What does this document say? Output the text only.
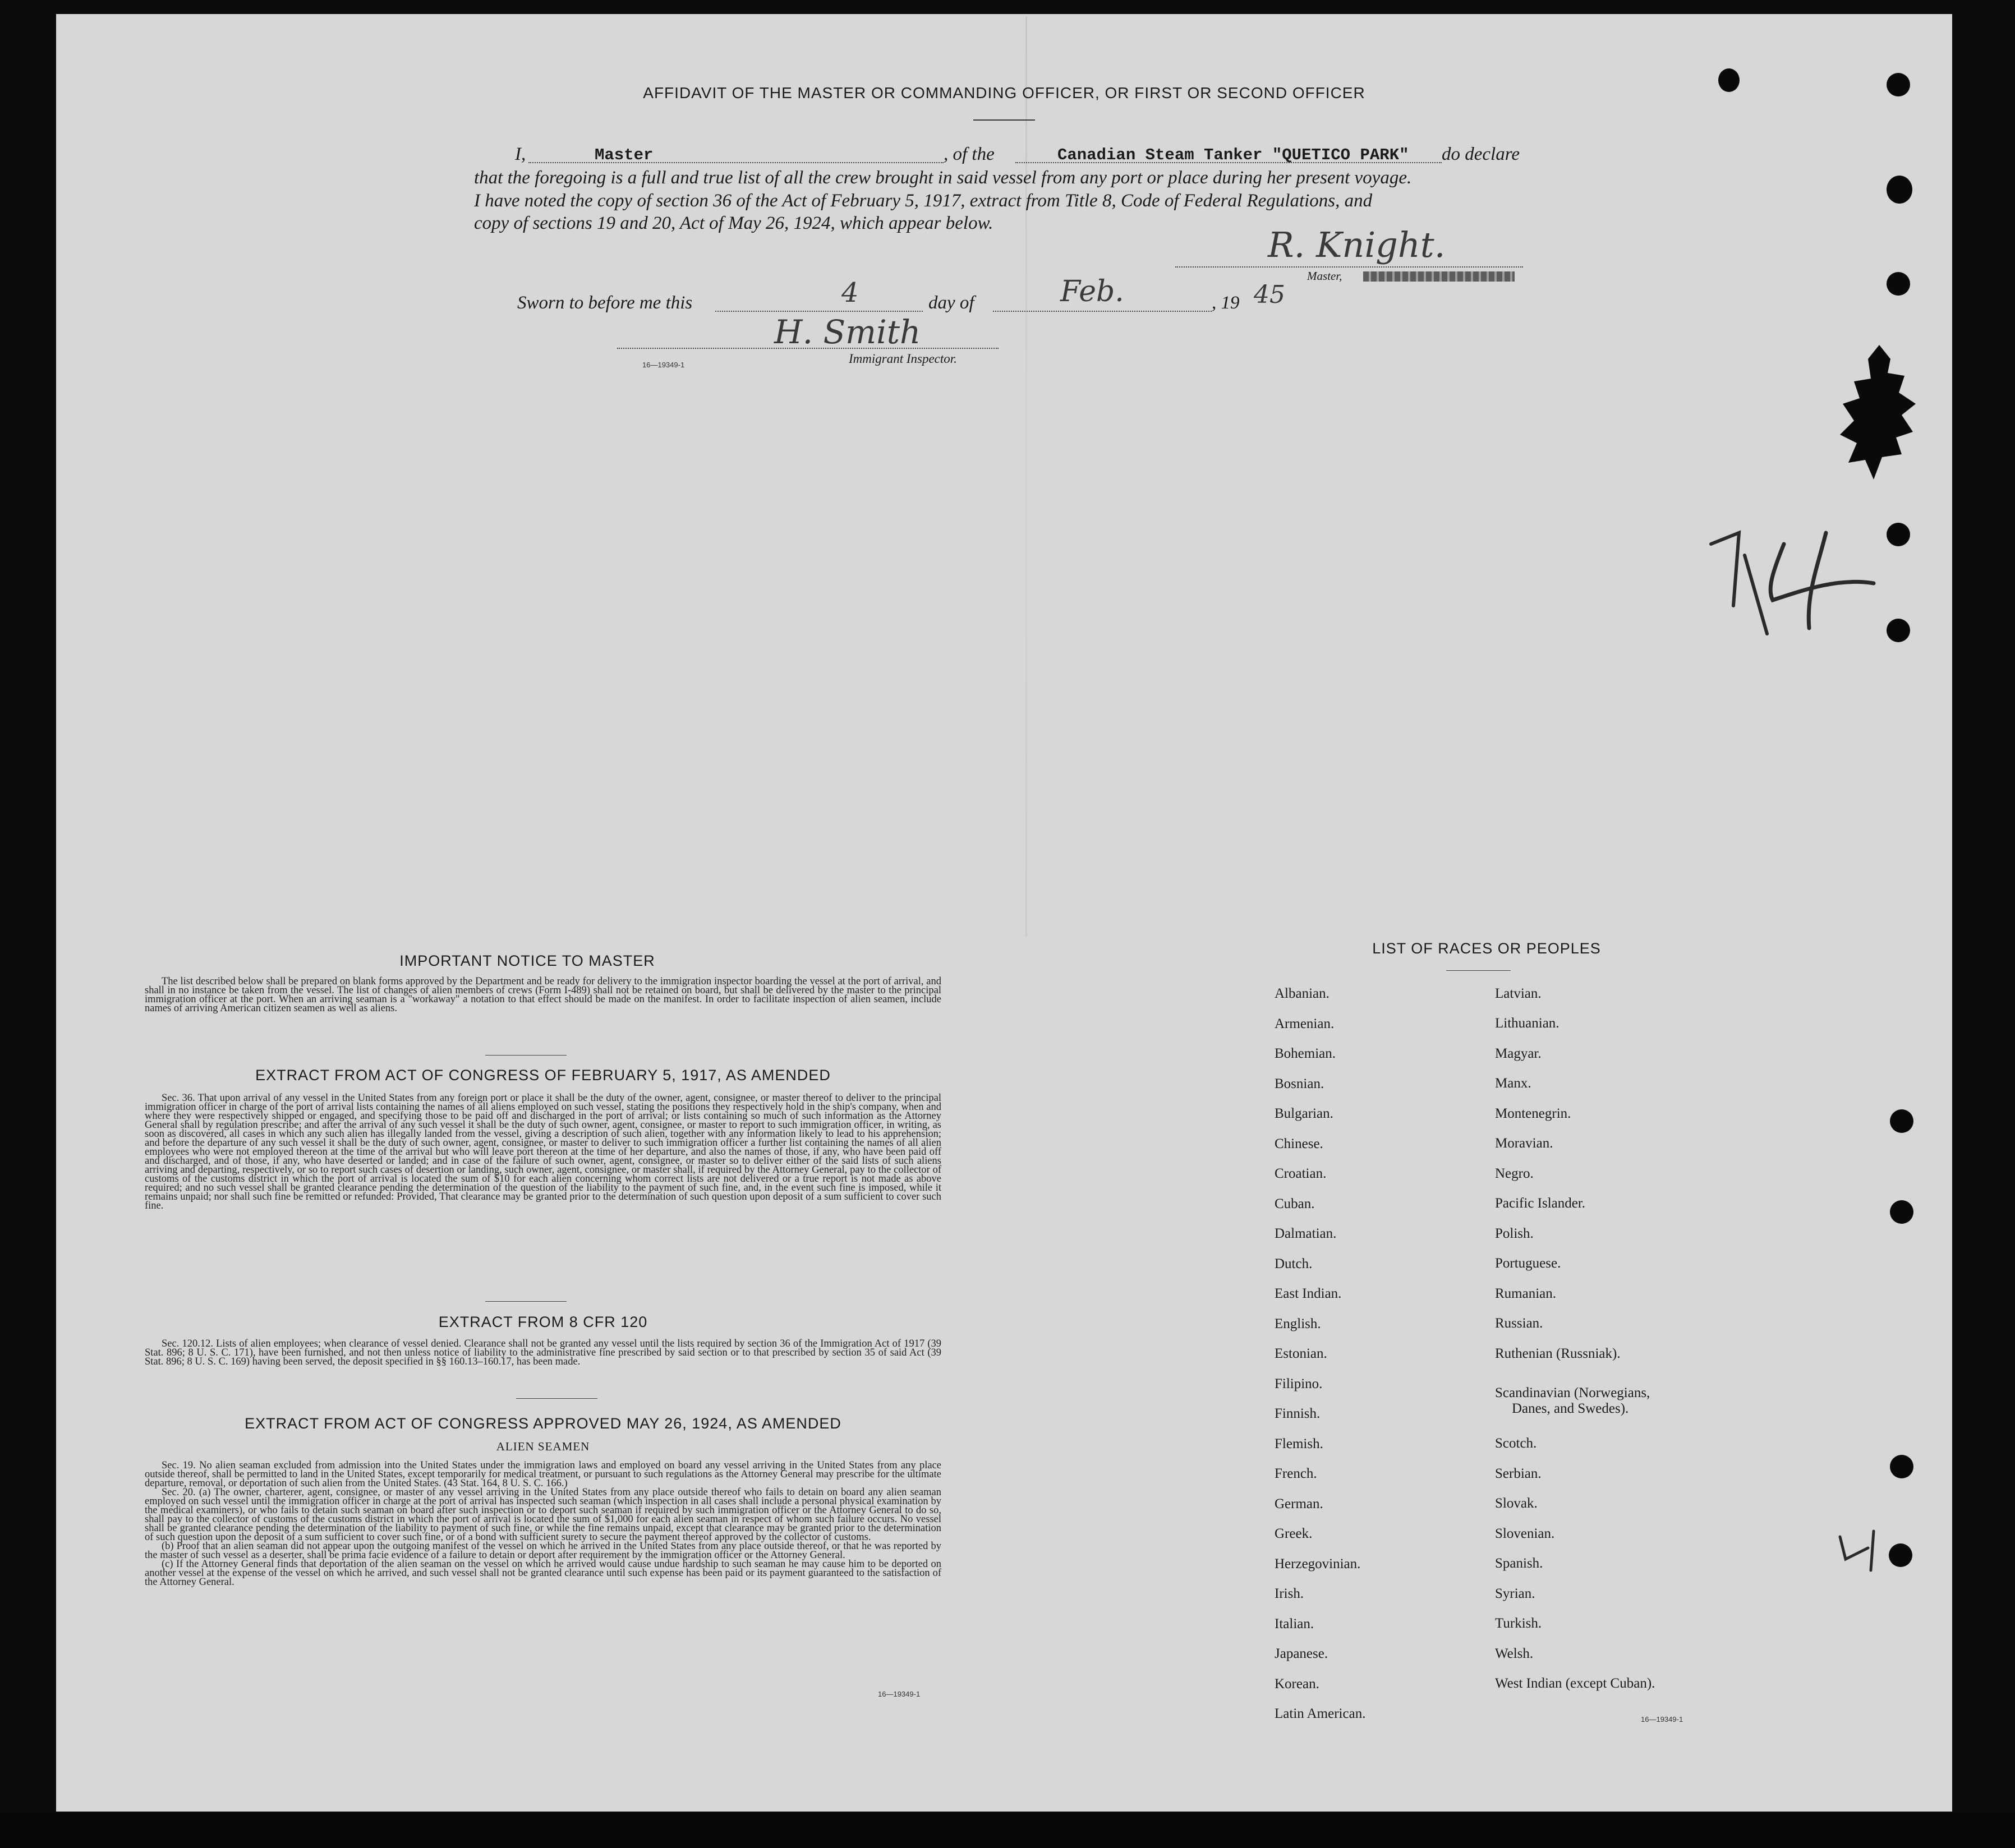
AFFIDAVIT OF THE MASTER OR COMMANDING OFFICER, OR FIRST OR SECOND OFFICER
I,	Master	, of the	Canadian Steam Tanker "QUETICO PARK" do declare
that the foregoing is a full and true list of all the crew brought in said vessel from any port or place during her present voyage.
I have noted the copy of section 36 of the Act of February 5, 1917, extract from Title 8, Code of Federal Regulations, and
copy of sections 19 and 20, Act of May 26, 1924, which appear below.
R. Knight.
Master,
Sworn to before me this	4	day of	Feb.	, 19 45
H. Smith
16—19349-1	Immigrant Inspector.
IMPORTANT NOTICE TO MASTER

The list described below shall be prepared on blank forms approved by the Department and be ready for delivery to the immigration inspector boarding the vessel at the port of arrival, and shall in no instance be taken from the vessel. The list of changes of alien members of crews (Form I-489) shall not be retained on board, but shall be delivered by the master to the principal immigration officer at the port. When an arriving seaman is a "workaway" a notation to that effect should be made on the manifest. In order to facilitate inspection of alien seamen, include names of arriving American citizen seamen as well as aliens.

EXTRACT FROM ACT OF CONGRESS OF FEBRUARY 5, 1917, AS AMENDED

Sec. 36. That upon arrival of any vessel in the United States from any foreign port or place it shall be the duty of the owner, agent, consignee, or master thereof to deliver to the principal immigration officer in charge of the port of arrival lists containing the names of all aliens employed on such vessel, stating the positions they respectively hold in the ship's company, when and where they were respectively shipped or engaged, and specifying those to be paid off and discharged in the port of arrival; or lists containing so much of such information as the Attorney General shall by regulation prescribe; and after the arrival of any such vessel it shall be the duty of such owner, agent, consignee, or master to report to such immigration officer, in writing, as soon as discovered, all cases in which any such alien has illegally landed from the vessel, giving a description of such alien, together with any information likely to lead to his apprehension; and before the departure of any such vessel it shall be the duty of such owner, agent, consignee, or master to deliver to such immigration officer a further list containing the names of all alien employees who were not employed thereon at the time of the arrival but who will leave port thereon at the time of her departure, and also the names of those, if any, who have been paid off and discharged, and of those, if any, who have deserted or landed; and in case of the failure of such owner, agent, consignee, or master so to deliver either of the said lists of such aliens arriving and departing, respectively, or so to report such cases of desertion or landing, such owner, agent, consignee, or master shall, if required by the Attorney General, pay to the collector of customs of the customs district in which the port of arrival is located the sum of $10 for each alien concerning whom correct lists are not delivered or a true report is not made as above required; and no such vessel shall be granted clearance pending the determination of the question of the liability to the payment of such fine, and, in the event such fine is imposed, while it remains unpaid; nor shall such fine be remitted or refunded: Provided, That clearance may be granted prior to the determination of such question upon deposit of a sum sufficient to cover such fine.

EXTRACT FROM 8 CFR 120

Sec. 120.12. Lists of alien employees; when clearance of vessel denied. Clearance shall not be granted any vessel until the lists required by section 36 of the Immigration Act of 1917 (39 Stat. 896; 8 U. S. C. 171), have been furnished, and not then unless notice of liability to the administrative fine prescribed by said section or to that prescribed by section 35 of said Act (39 Stat. 896; 8 U. S. C. 169) having been served, the deposit specified in §§ 160.13–160.17, has been made.

EXTRACT FROM ACT OF CONGRESS APPROVED MAY 26, 1924, AS AMENDED
ALIEN SEAMEN

Sec. 19. No alien seaman excluded from admission into the United States under the immigration laws and employed on board any vessel arriving in the United States from any place outside thereof, shall be permitted to land in the United States, except temporarily for medical treatment, or pursuant to such regulations as the Attorney General may prescribe for the ultimate departure, removal, or deportation of such alien from the United States. (43 Stat. 164, 8 U. S. C. 166.)

Sec. 20. (a) The owner, charterer, agent, consignee, or master of any vessel arriving in the United States from any place outside thereof who fails to detain on board any alien seaman employed on such vessel until the immigration officer in charge at the port of arrival has inspected such seaman (which inspection in all cases shall include a personal physical examination by the medical examiners), or who fails to detain such seaman on board after such inspection or to deport such seaman if required by such immigration officer or the Attorney General to do so, shall pay to the collector of customs of the customs district in which the port of arrival is located the sum of $1,000 for each alien seaman in respect of whom such failure occurs. No vessel shall be granted clearance pending the determination of the liability to payment of such fine, or while the fine remains unpaid, except that clearance may be granted prior to the determination of such question upon the deposit of a sum sufficient to cover such fine, or of a bond with sufficient surety to secure the payment thereof approved by the collector of customs.

(b) Proof that an alien seaman did not appear upon the outgoing manifest of the vessel on which he arrived in the United States from any place outside thereof, or that he was reported by the master of such vessel as a deserter, shall be prima facie evidence of a failure to detain or deport after requirement by the immigration officer or the Attorney General.

(c) If the Attorney General finds that deportation of the alien seaman on the vessel on which he arrived would cause undue hardship to such seaman he may cause him to be deported on another vessel at the expense of the vessel on which he arrived, and such vessel shall not be granted clearance until such expense has been paid or its payment guaranteed to the satisfaction of the Attorney General.

16—19349-1
LIST OF RACES OR PEOPLES
Albanian.
Armenian.
Bohemian.
Bosnian.
Bulgarian.
Chinese.
Croatian.
Cuban.
Dalmatian.
Dutch.
East Indian.
English.
Estonian.
Filipino.
Finnish.
Flemish.
French.
German.
Greek.
Herzegovinian.
Irish.
Italian.
Japanese.
Korean.
Latin American.
Latvian.
Lithuanian.
Magyar.
Manx.
Montenegrin.
Moravian.
Negro.
Pacific Islander.
Polish.
Portuguese.
Rumanian.
Russian.
Ruthenian (Russniak).
Scandinavian (Norwegians,
Danes, and Swedes).
Scotch.
Serbian.
Slovak.
Slovenian.
Spanish.
Syrian.
Turkish.
Welsh.
West Indian (except Cuban).
16—19349-1
